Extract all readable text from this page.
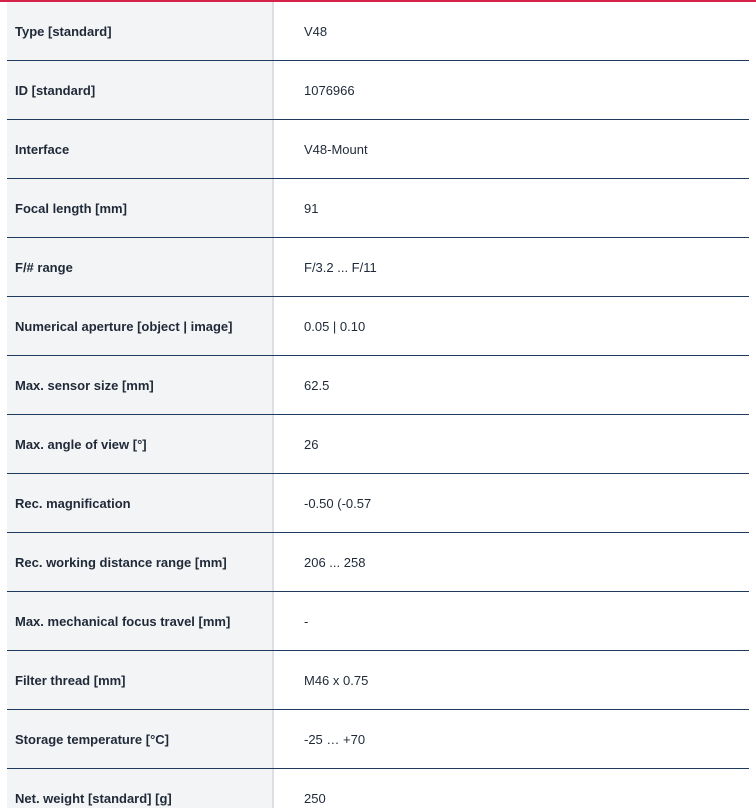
Type [standard]	V48
ID [standard]	1076966
Interface	V48-Mount
Focal length [mm]	91
F/# range	F/3.2 ... F/11
Numerical aperture [object | image]	0.05 | 0.10
Max. sensor size [mm]	62.5
Max. angle of view [°]	26
Rec. magnification	-0.50 (-0.57
Rec. working distance range [mm]	206 ... 258
Max. mechanical focus travel [mm]	-
Filter thread [mm]	M46 x 0.75
Storage temperature [°C]	-25 … +70
Net. weight [standard] [g]	250
